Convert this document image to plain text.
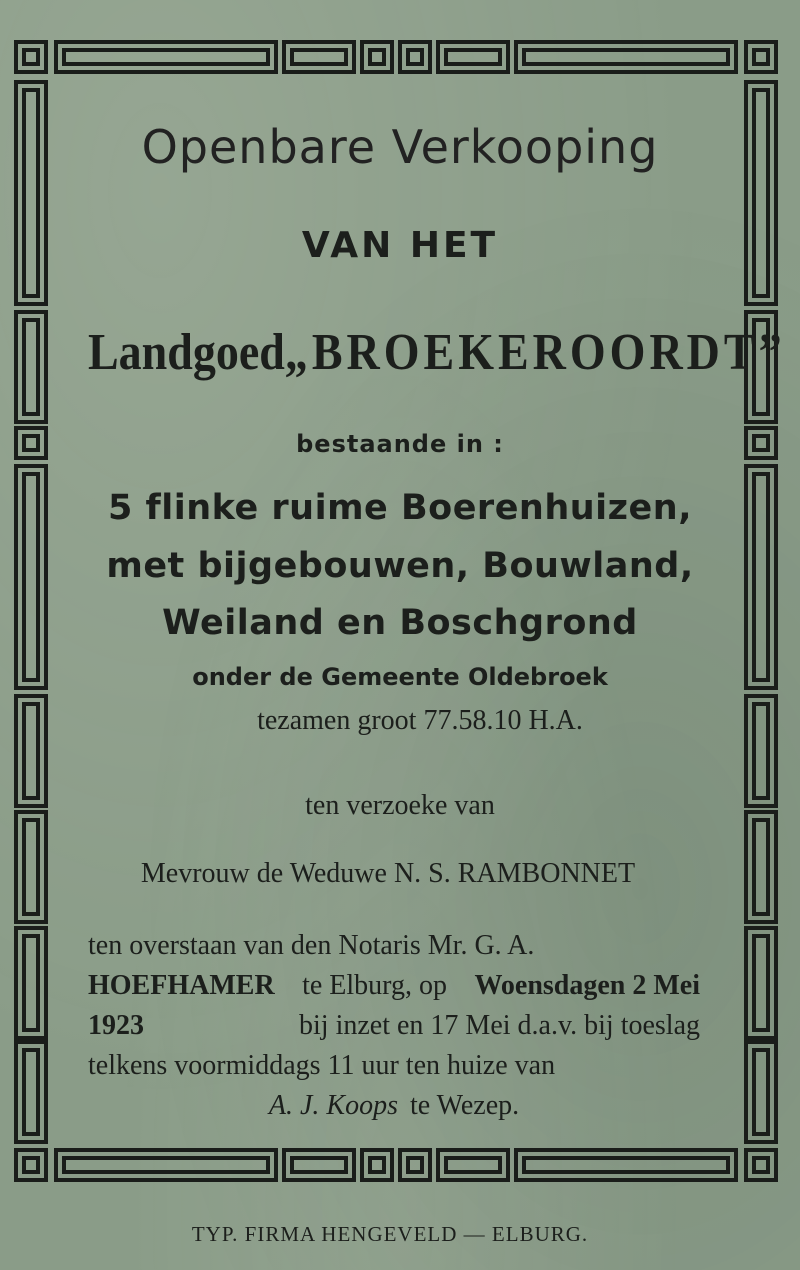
Openbare Verkooping
VAN HET
Landgoed „BROEKEROORDT”
bestaande in :
5 flinke ruime Boerenhuizen,
met bijgebouwen, Bouwland,
Weiland en Boschgrond
onder de Gemeente Oldebroek
tezamen groot 77.58.10 H.A.
ten verzoeke van
Mevrouw de Weduwe N. S. RAMBONNET
ten overstaan van den Notaris Mr. G. A.
HOEFHAMER te Elburg, op Woensdagen 2 Mei
1923	bij inzet en 17 Mei d.a.v. bij toeslag
telkens voormiddags 11 uur ten huize van
A. J. Koops te Wezep.
TYP. FIRMA HENGEVELD — ELBURG.
